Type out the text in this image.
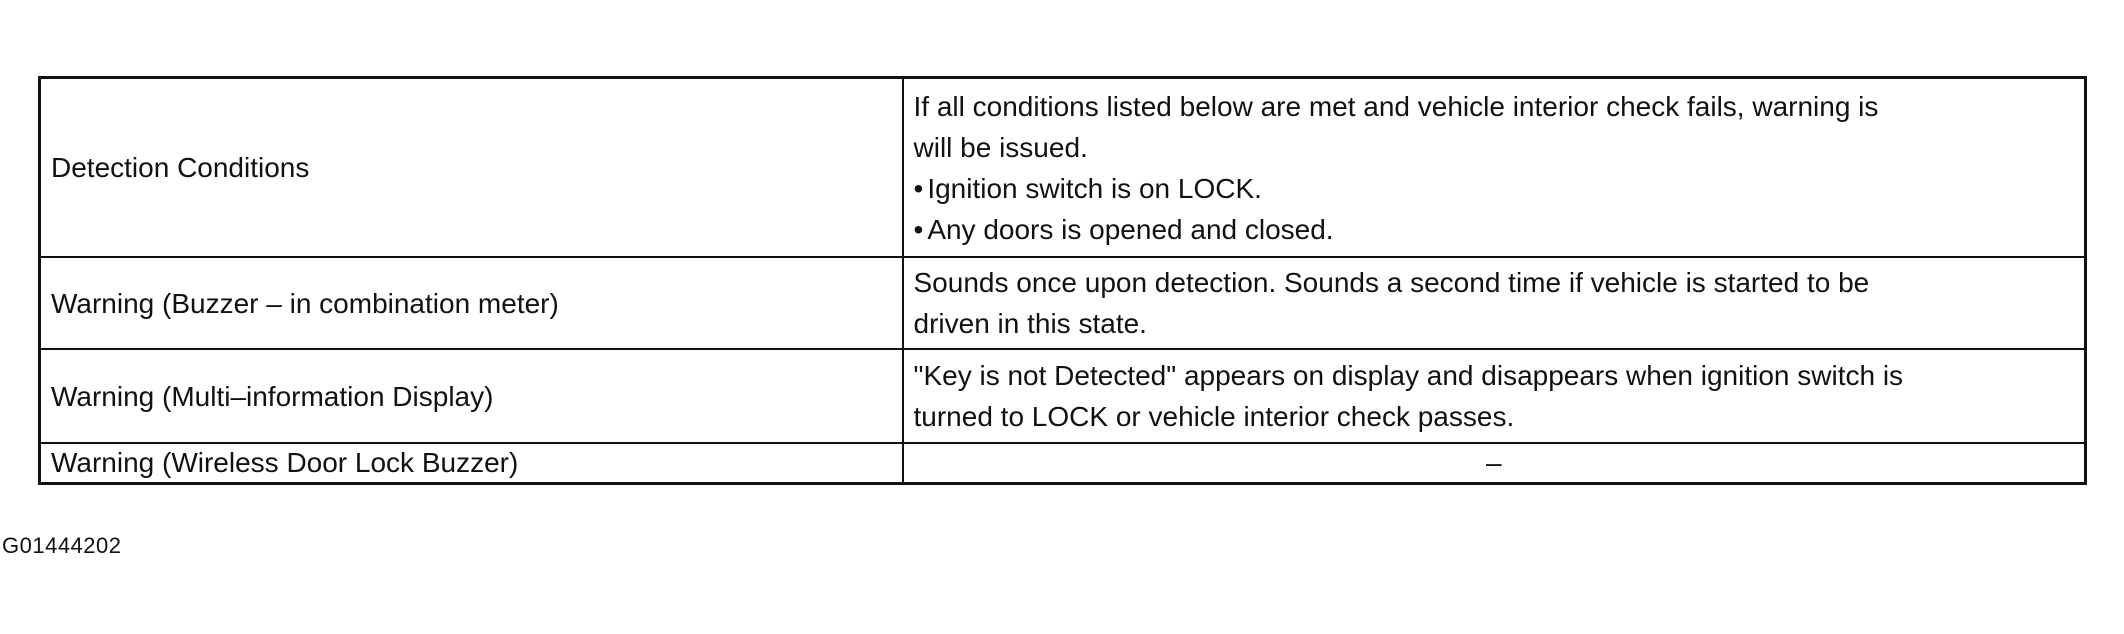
Detection Conditions	If all conditions listed below are met and vehicle interior check fails, warning is
will be issued.
• Ignition switch is on LOCK.
• Any doors is opened and closed.

Warning (Buzzer – in combination meter)	Sounds once upon detection. Sounds a second time if vehicle is started to be
driven in this state.

Warning (Multi–information Display)	"Key is not Detected" appears on display and disappears when ignition switch is
turned to LOCK or vehicle interior check passes.

Warning (Wireless Door Lock Buzzer)	–
G01444202
